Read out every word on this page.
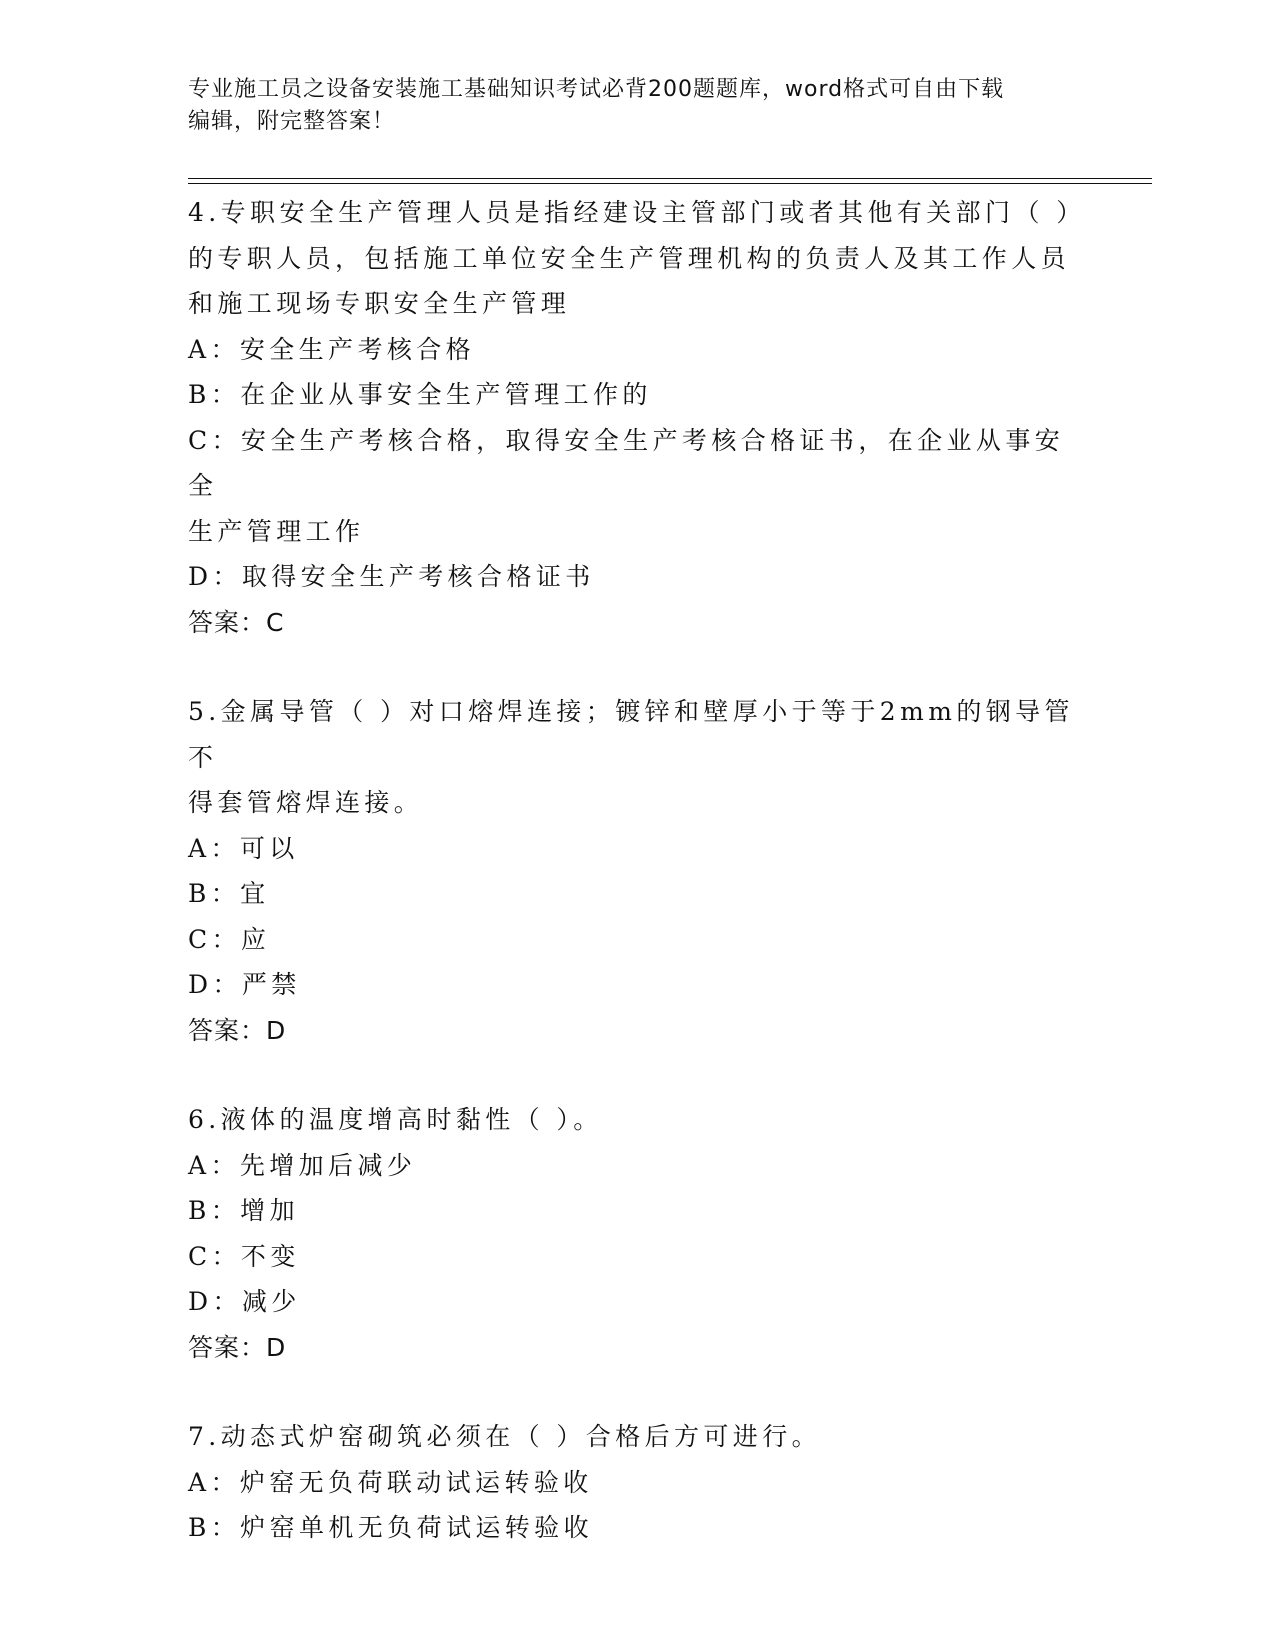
专业施工员之设备安装施工基础知识考试必背200题题库，word格式可自由下载
编辑，附完整答案！
4.专职安全生产管理人员是指经建设主管部门或者其他有关部门（ ）
的专职人员，包括施工单位安全生产管理机构的负责人及其工作人员
和施工现场专职安全生产管理
A：安全生产考核合格
B：在企业从事安全生产管理工作的
C：安全生产考核合格，取得安全生产考核合格证书，在企业从事安全
生产管理工作
D：取得安全生产考核合格证书
答案：C
5.金属导管（ ）对口熔焊连接；镀锌和壁厚小于等于2mm的钢导管不
得套管熔焊连接。
A：可以
B：宜
C：应
D：严禁
答案：D
6.液体的温度增高时黏性（ ）。
A：先增加后减少
B：增加
C：不变
D：减少
答案：D
7.动态式炉窑砌筑必须在（ ）合格后方可进行。
A：炉窑无负荷联动试运转验收
B：炉窑单机无负荷试运转验收
